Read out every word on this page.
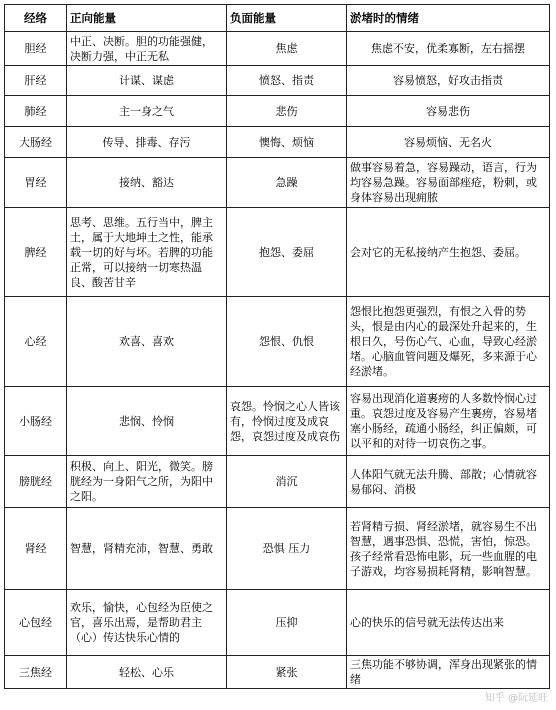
经络	正向能量	负面能量	淤堵时的情绪
胆经	中正、决断。胆的功能强健，决断力强，中正无私	焦虑	焦虑不安，优柔寡断，左右摇摆
肝经	计谋、谋虑	愤怒、指责	容易愤怒，好攻击指责
肺经	主一身之气	悲伤	容易悲伤
大肠经	传导、排毒、存污	懊悔、烦恼	容易烦恼、无名火
胃经	接纳、豁达	急躁	做事容易着急，容易躁动，语言，行为均容易急躁。容易面部痤疮，粉刺，或身体容易出现痈脓
脾经	思考、思维。五行当中，脾主土，属于大地坤土之性，能承载一切的好与坏。若脾的功能正常，可以接纳一切寒热温良、酸苦甘辛	抱怨、委屈	会对它的无私接纳产生抱怨、委屈。
心经	欢喜、喜欢	怨恨、仇恨	怨恨比抱怨更强烈，有恨之入骨的势头，恨是由内心的最深处升起来的，生根日久，号伤心气、心血，导致心经淤堵。心脑血管问题及爆死，多来源于心经淤堵。
小肠经	悲悯、怜悯	哀怨。怜悯之心人皆该有，怜悯过度及成哀怨，哀怨过度及成哀伤	容易出现消化道裹痨的人多数怜悯心过重。哀怨过度及容易产生裹痨，容易堵塞小肠经，疏通小肠经，纠正偏颇，可以平和的对待一切哀伤之事。
膀胱经	积极、向上、阳光，微笑。膀胱经为一身阳气之所，为阳中之阳。	消沉	人体阳气就无法升腾、部散；心情就容易郁闷、消极
肾经	智慧，肾精充沛，智慧、勇敢	恐惧 压力	若肾精亏损、肾经淤堵，就容易生不出智慧，遇事恐惧、恐慌，害怕，惊恐。孩子经常看恐怖电影，玩一些血腥的电子游戏，均容易损耗肾精，影响智慧。
心包经	欢乐，愉快，心包经为臣使之官，喜乐出焉，是帮助君主（心）传达快乐心情的	压抑	心的快乐的信号就无法传达出来
三焦经	轻松、心乐	紧张	三焦功能不够协调，浑身出现紧张的情绪
知乎 @阮延旺
